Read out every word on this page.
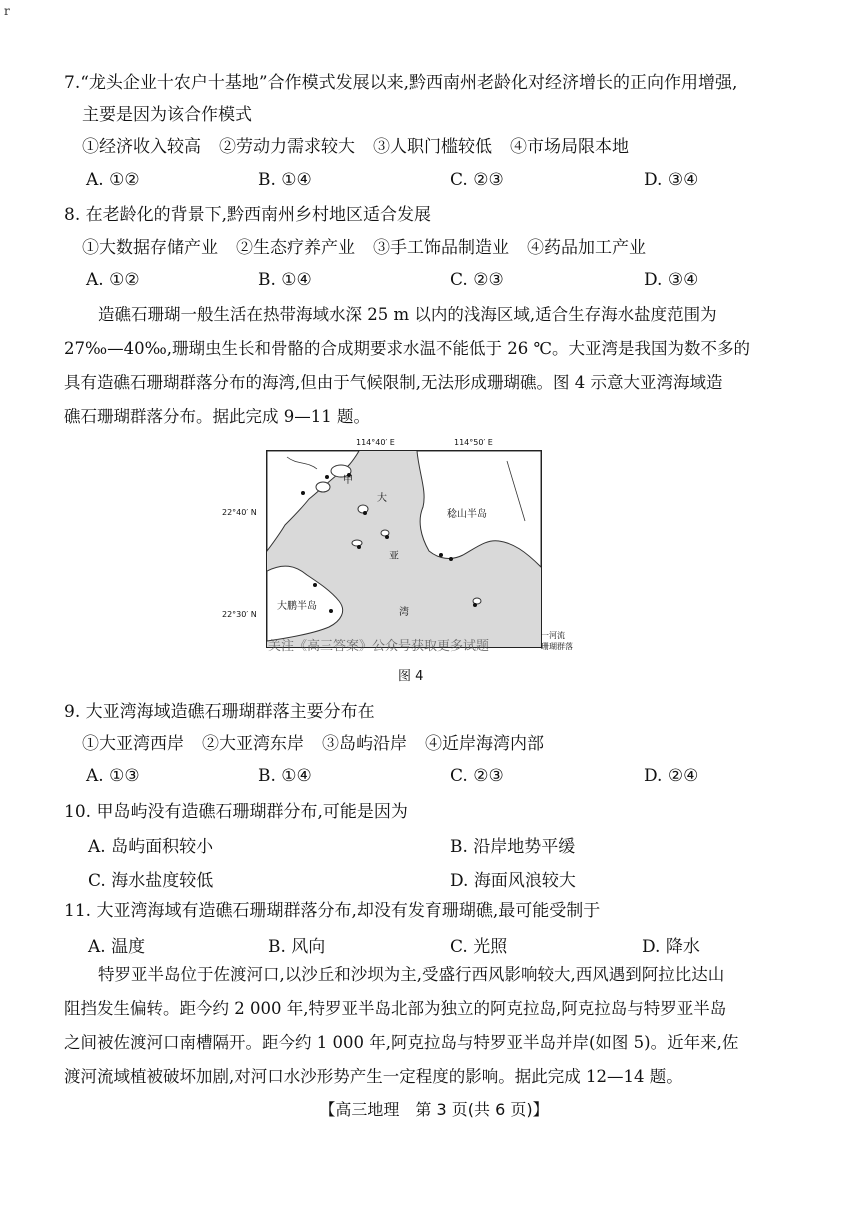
r
7.“龙头企业十农户十基地”合作模式发展以来,黔西南州老龄化对经济增长的正向作用增强,
主要是因为该合作模式
①经济收入较高 ②劳动力需求较大 ③人职门槛较低 ④市场局限本地
A. ①②	B. ①④	C. ②③	D. ③④
8. 在老龄化的背景下,黔西南州乡村地区适合发展
①大数据存储产业 ②生态疗养产业 ③手工饰品制造业 ④药品加工产业
A. ①②	B. ①④	C. ②③	D. ③④
造礁石珊瑚一般生活在热带海域水深 25 m 以内的浅海区域,适合生存海水盐度范围为
27‰—40‰,珊瑚虫生长和骨骼的合成期要求水温不能低于 26 ℃。大亚湾是我国为数不多的
具有造礁石珊瑚群落分布的海湾,但由于气候限制,无法形成珊瑚礁。图 4 示意大亚湾海域造
礁石珊瑚群落分布。据此完成 9—11 题。
114°40′ E	114°50′ E
22°40′ N
22°30′ N
甲
大
亚
湾
稔山半岛
大鹏半岛
关注《高三答案》公众号获取更多试题
一河流
珊瑚群落
图 4
9. 大亚湾海域造礁石珊瑚群落主要分布在
①大亚湾西岸 ②大亚湾东岸 ③岛屿沿岸 ④近岸海湾内部
A. ①③	B. ①④	C. ②③	D. ②④
10. 甲岛屿没有造礁石珊瑚群分布,可能是因为
A. 岛屿面积较小	B. 沿岸地势平缓
C. 海水盐度较低	D. 海面风浪较大
11. 大亚湾海域有造礁石珊瑚群落分布,却没有发育珊瑚礁,最可能受制于
A. 温度	B. 风向	C. 光照	D. 降水
特罗亚半岛位于佐渡河口,以沙丘和沙坝为主,受盛行西风影响较大,西风遇到阿拉比达山
阻挡发生偏转。距今约 2 000 年,特罗亚半岛北部为独立的阿克拉岛,阿克拉岛与特罗亚半岛
之间被佐渡河口南槽隔开。距今约 1 000 年,阿克拉岛与特罗亚半岛并岸(如图 5)。近年来,佐
渡河流域植被破坏加剧,对河口水沙形势产生一定程度的影响。据此完成 12—14 题。
【高三地理　第 3 页(共 6 页)】
